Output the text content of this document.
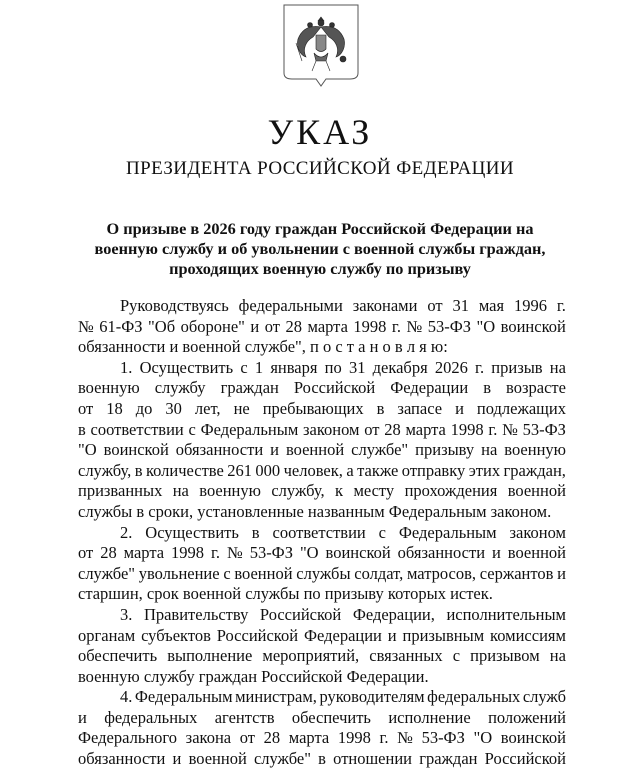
УКАЗ
ПРЕЗИДЕНТА РОССИЙСКОЙ ФЕДЕРАЦИИ
О призыве в 2026 году граждан Российской Федерации на
военную службу и об увольнении с военной службы граждан,
проходящих военную службу по призыву
Руководствуясь федеральными законами от 31 мая 1996 г.
№ 61-ФЗ "Об обороне" и от 28 марта 1998 г. № 53-ФЗ "О воинской
обязанности и военной службе", п о с т а н о в л я ю:
1. Осуществить с 1 января по 31 декабря 2026 г. призыв на
военную службу граждан Российской Федерации в возрасте
от 18 до 30 лет, не пребывающих в запасе и подлежащих
в соответствии с Федеральным законом от 28 марта 1998 г. № 53-ФЗ
"О воинской обязанности и военной службе" призыву на военную
службу, в количестве 261 000 человек, а также отправку этих граждан,
призванных на военную службу, к месту прохождения военной
службы в сроки, установленные названным Федеральным законом.
2. Осуществить в соответствии с Федеральным законом
от 28 марта 1998 г. № 53-ФЗ "О воинской обязанности и военной
службе" увольнение с военной службы солдат, матросов, сержантов и
старшин, срок военной службы по призыву которых истек.
3. Правительству Российской Федерации, исполнительным
органам субъектов Российской Федерации и призывным комиссиям
обеспечить выполнение мероприятий, связанных с призывом на
военную службу граждан Российской Федерации.
4. Федеральным министрам, руководителям федеральных служб
и федеральных агентств обеспечить исполнение положений
Федерального закона от 28 марта 1998 г. № 53-ФЗ "О воинской
обязанности и военной службе" в отношении граждан Российской
